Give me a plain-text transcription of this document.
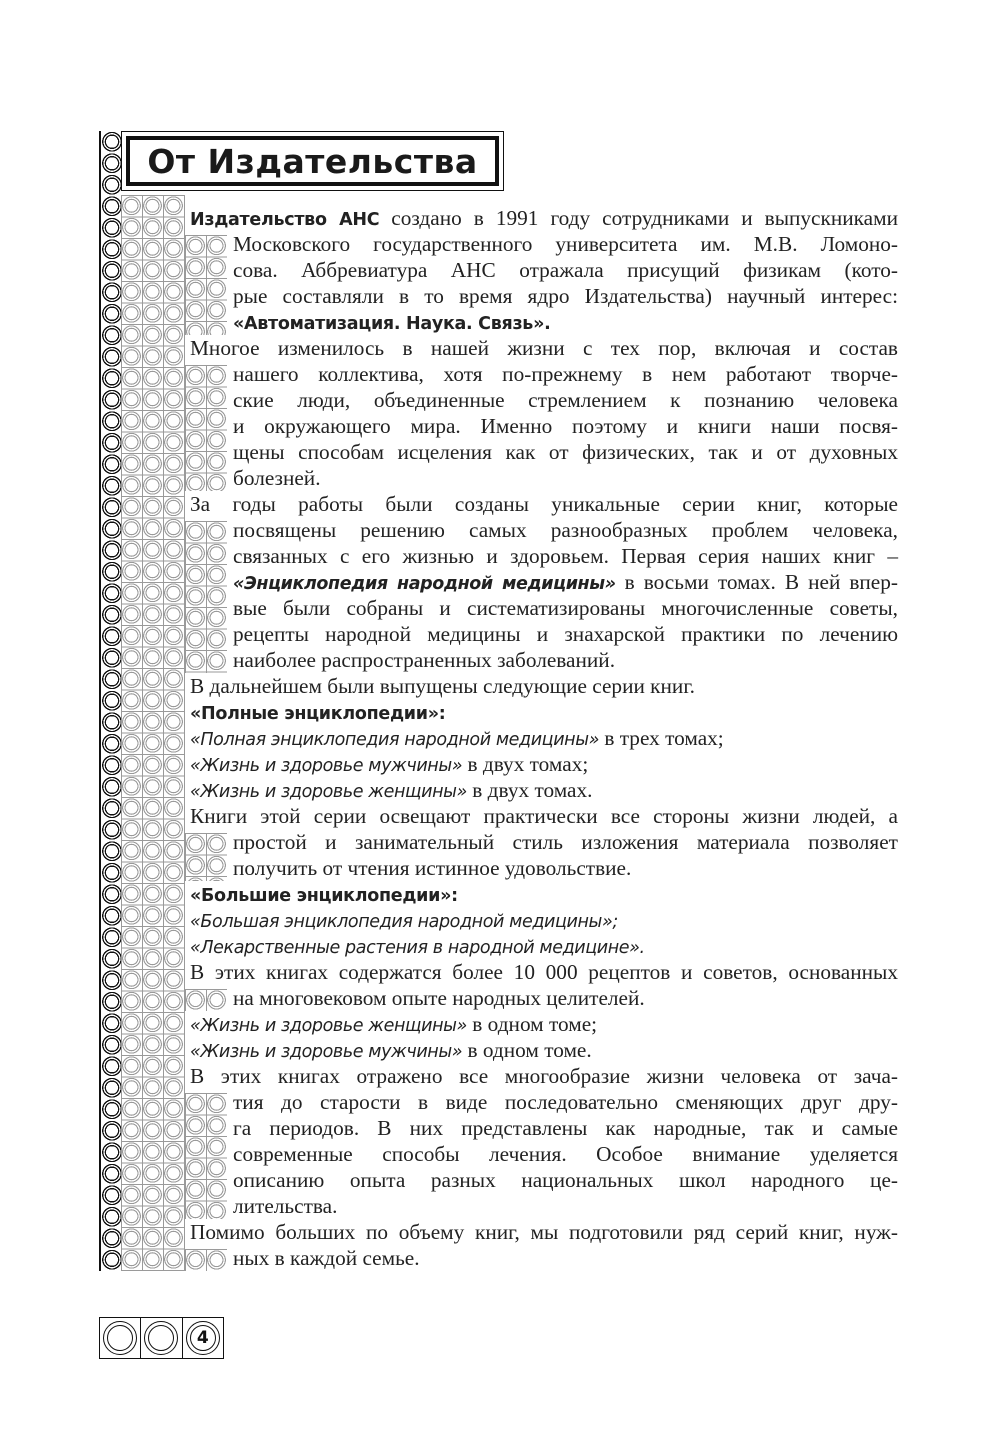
От Издательства
Издательство АНС создано в 1991 году сотрудниками и выпускниками
Московского государственного университета им. М.В. Ломоно-
сова. Аббревиатура АНС отражала присущий физикам (кото-
рые составляли в то время ядро Издательства) научный интерес:
«Автоматизация. Наука. Связь».
Многое изменилось в нашей жизни с тех пор, включая и состав
нашего коллектива, хотя по-прежнему в нем работают творче-
ские люди, объединенные стремлением к познанию человека
и окружающего мира. Именно поэтому и книги наши посвя-
щены способам исцеления как от физических, так и от духовных
болезней.
За годы работы были созданы уникальные серии книг, которые
посвящены решению самых разнообразных проблем человека,
связанных с его жизнью и здоровьем. Первая серия наших книг –
«Энциклопедия народной медицины» в восьми томах. В ней впер-
вые были собраны и систематизированы многочисленные советы,
рецепты народной медицины и знахарской практики по лечению
наиболее распространенных заболеваний.
В дальнейшем были выпущены следующие серии книг.
«Полные энциклопедии»:
«Полная энциклопедия народной медицины» в трех томах;
«Жизнь и здоровье мужчины» в двух томах;
«Жизнь и здоровье женщины» в двух томах.
Книги этой серии освещают практически все стороны жизни людей, а
простой и занимательный стиль изложения материала позволяет
получить от чтения истинное удовольствие.
«Большие энциклопедии»:
«Большая энциклопедия народной медицины»;
«Лекарственные растения в народной медицине».
В этих книгах содержатся более 10 000 рецептов и советов, основанных
на многовековом опыте народных целителей.
«Жизнь и здоровье женщины» в одном томе;
«Жизнь и здоровье мужчины» в одном томе.
В этих книгах отражено все многообразие жизни человека от зача-
тия до старости в виде последовательно сменяющих друг дру-
га периодов. В них представлены как народные, так и самые
современные способы лечения. Особое внимание уделяется
описанию опыта разных национальных школ народного це-
лительства.
Помимо больших по объему книг, мы подготовили ряд серий книг, нуж-
ных в каждой семье.
4
